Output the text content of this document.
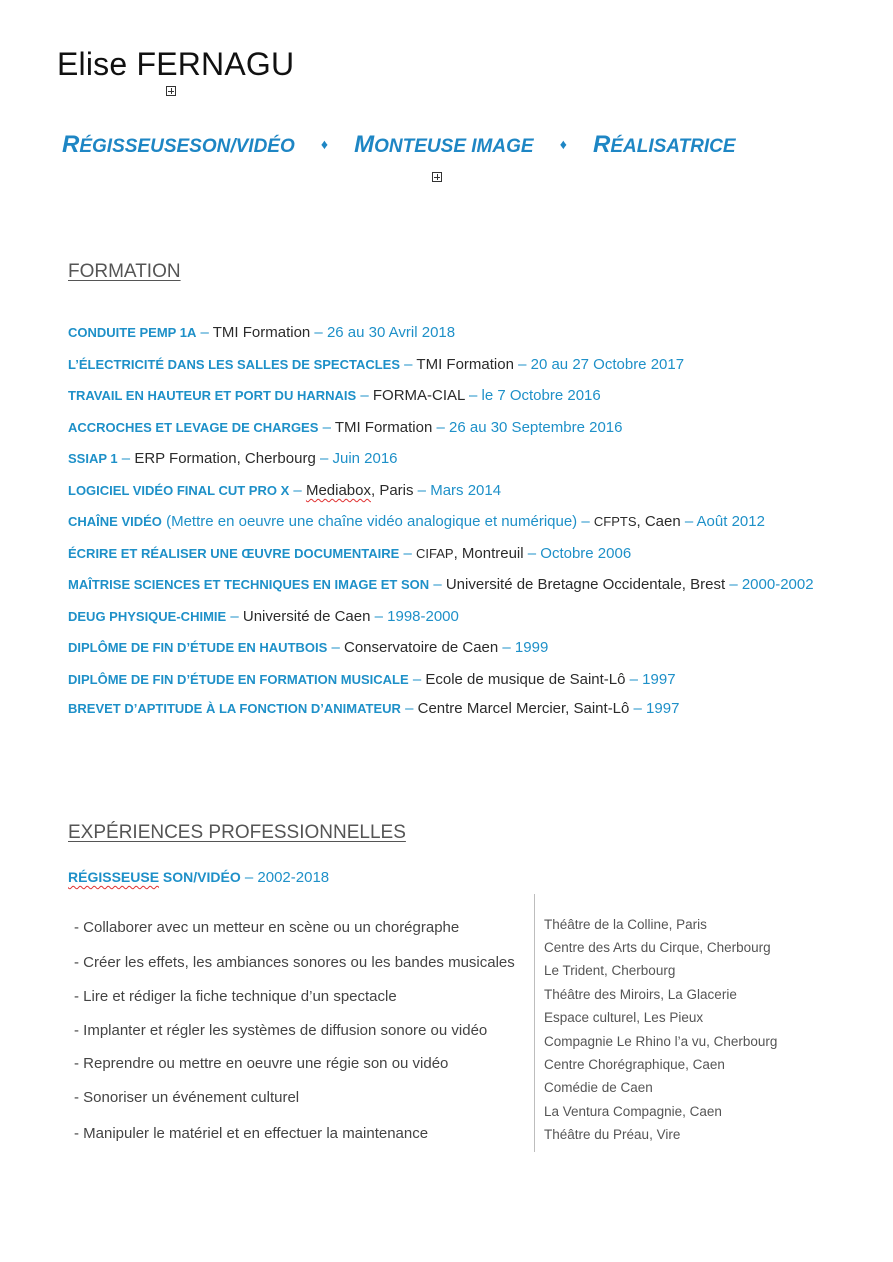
Elise FERNAGU
RÉGISSEUSESON/VIDÉO ♦ MONTEUSE IMAGE ♦ RÉALISATRICE
FORMATION
CONDUITE PEMP 1A – TMI Formation – 26 au 30 Avril 2018
L’ÉLECTRICITÉ DANS LES SALLES DE SPECTACLES – TMI Formation – 20 au 27 Octobre 2017
TRAVAIL EN HAUTEUR ET PORT DU HARNAIS – FORMA-CIAL – le 7 Octobre 2016
ACCROCHES ET LEVAGE DE CHARGES – TMI Formation – 26 au 30 Septembre 2016
SSIAP 1 – ERP Formation, Cherbourg – Juin 2016
LOGICIEL VIDÉO FINAL CUT PRO X – Mediabox, Paris – Mars 2014
CHAÎNE VIDÉO (Mettre en oeuvre une chaîne vidéo analogique et numérique) – CFPTS, Caen – Août 2012
ÉCRIRE ET RÉALISER UNE ŒUVRE DOCUMENTAIRE – CIFAP, Montreuil – Octobre 2006
MAÎTRISE SCIENCES ET TECHNIQUES EN IMAGE ET SON – Université de Bretagne Occidentale, Brest – 2000-2002
DEUG PHYSIQUE-CHIMIE – Université de Caen – 1998-2000
DIPLÔME DE FIN D’ÉTUDE EN HAUTBOIS – Conservatoire de Caen – 1999
DIPLÔME DE FIN D’ÉTUDE EN FORMATION MUSICALE – Ecole de musique de Saint-Lô – 1997
BREVET D’APTITUDE À LA FONCTION D’ANIMATEUR – Centre Marcel Mercier, Saint-Lô – 1997
EXPÉRIENCES PROFESSIONNELLES
RÉGISSEUSE SON/VIDÉO – 2002-2018
- Collaborer avec un metteur en scène ou un chorégraphe
- Créer les effets, les ambiances sonores ou les bandes musicales
- Lire et rédiger la fiche technique d’un spectacle
- Implanter et régler les systèmes de diffusion sonore ou vidéo
- Reprendre ou mettre en oeuvre une régie son ou vidéo
- Sonoriser un événement culturel
- Manipuler le matériel et en effectuer la maintenance
Théâtre de la Colline, Paris
Centre des Arts du Cirque, Cherbourg
Le Trident, Cherbourg
Théâtre des Miroirs, La Glacerie
Espace culturel, Les Pieux
Compagnie Le Rhino l’a vu, Cherbourg
Centre Chorégraphique, Caen
Comédie de Caen
La Ventura Compagnie, Caen
Théâtre du Préau, Vire
